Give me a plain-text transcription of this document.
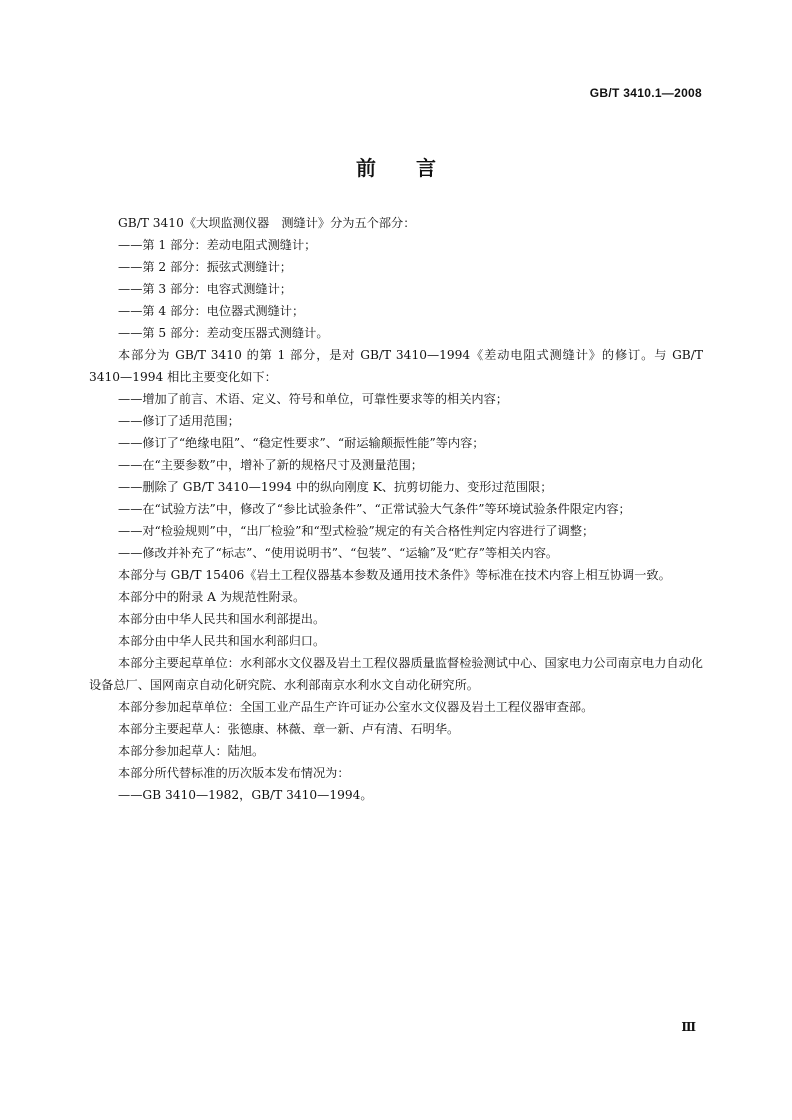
GB/T 3410.1—2008
前言

GB/T 3410《大坝监测仪器　测缝计》分为五个部分：

——第 1 部分：差动电阻式测缝计；

——第 2 部分：振弦式测缝计；

——第 3 部分：电容式测缝计；

——第 4 部分：电位器式测缝计；

——第 5 部分：差动变压器式测缝计。

本部分为 GB/T 3410 的第 1 部分，是对 GB/T 3410—1994《差动电阻式测缝计》的修订。与 GB/T 3410—1994 相比主要变化如下：

——增加了前言、术语、定义、符号和单位，可靠性要求等的相关内容；

——修订了适用范围；

——修订了“绝缘电阻”、“稳定性要求”、“耐运输颠振性能”等内容；

——在“主要参数”中，增补了新的规格尺寸及测量范围；

——删除了 GB/T 3410—1994 中的纵向刚度 K、抗剪切能力、变形过范围限；

——在“试验方法”中，修改了“参比试验条件”、“正常试验大气条件”等环境试验条件限定内容；

——对“检验规则”中，“出厂检验”和“型式检验”规定的有关合格性判定内容进行了调整；

——修改并补充了“标志”、“使用说明书”、“包装”、“运输”及“贮存”等相关内容。

本部分与 GB/T 15406《岩土工程仪器基本参数及通用技术条件》等标准在技术内容上相互协调一致。

本部分中的附录 A 为规范性附录。

本部分由中华人民共和国水利部提出。

本部分由中华人民共和国水利部归口。

本部分主要起草单位：水利部水文仪器及岩土工程仪器质量监督检验测试中心、国家电力公司南京电力自动化设备总厂、国网南京自动化研究院、水利部南京水利水文自动化研究所。

本部分参加起草单位：全国工业产品生产许可证办公室水文仪器及岩土工程仪器审查部。

本部分主要起草人：张德康、林薇、章一新、卢有清、石明华。

本部分参加起草人：陆旭。

本部分所代替标准的历次版本发布情况为：

——GB 3410—1982，GB/T 3410—1994。

Ⅲ
